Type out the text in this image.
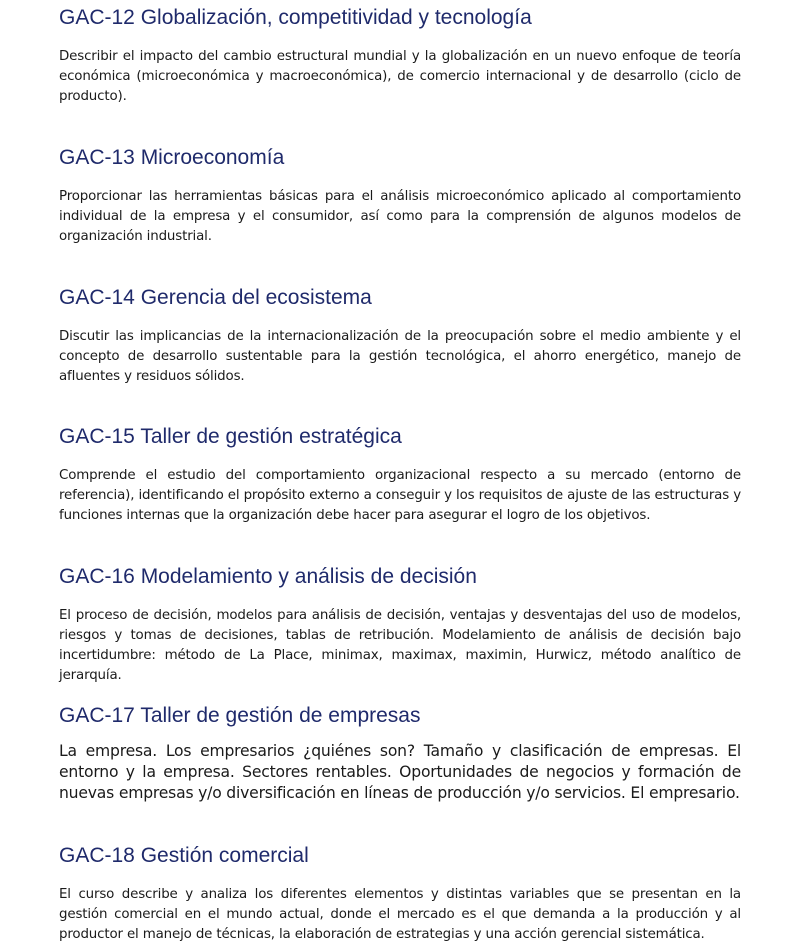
GAC-12 Globalización, competitividad y tecnología

Describir el impacto del cambio estructural mundial y la globalización en un nuevo enfoque de teoría económica (microeconómica y macroeconómica), de comercio internacional y de desarrollo (ciclo de producto).

GAC-13 Microeconomía

Proporcionar las herramientas básicas para el análisis microeconómico aplicado al comportamiento individual de la empresa y el consumidor, así como para la comprensión de algunos modelos de organización industrial.

GAC-14 Gerencia del ecosistema

Discutir las implicancias de la internacionalización de la preocupación sobre el medio ambiente y el concepto de desarrollo sustentable para la gestión tecnológica, el ahorro energético, manejo de afluentes y residuos sólidos.

GAC-15 Taller de gestión estratégica

Comprende el estudio del comportamiento organizacional respecto a su mercado (entorno de referencia), identificando el propósito externo a conseguir y los requisitos de ajuste de las estructuras y funciones internas que la organización debe hacer para asegurar el logro de los objetivos.

GAC-16 Modelamiento y análisis de decisión

El proceso de decisión, modelos para análisis de decisión, ventajas y desventajas del uso de modelos, riesgos y tomas de decisiones, tablas de retribución. Modelamiento de análisis de decisión bajo incertidumbre: método de La Place, minimax, maximax, maximin, Hurwicz, método analítico de jerarquía.

GAC-17 Taller de gestión de empresas

La empresa. Los empresarios ¿quiénes son? Tamaño y clasificación de empresas. El entorno y la empresa. Sectores rentables. Oportunidades de negocios y formación de nuevas empresas y/o diversificación en líneas de producción y/o servicios. El empresario.

GAC-18 Gestión comercial

El curso describe y analiza los diferentes elementos y distintas variables que se presentan en la gestión comercial en el mundo actual, donde el mercado es el que demanda a la producción y al productor el manejo de técnicas, la elaboración de estrategias y una acción gerencial sistemática.
